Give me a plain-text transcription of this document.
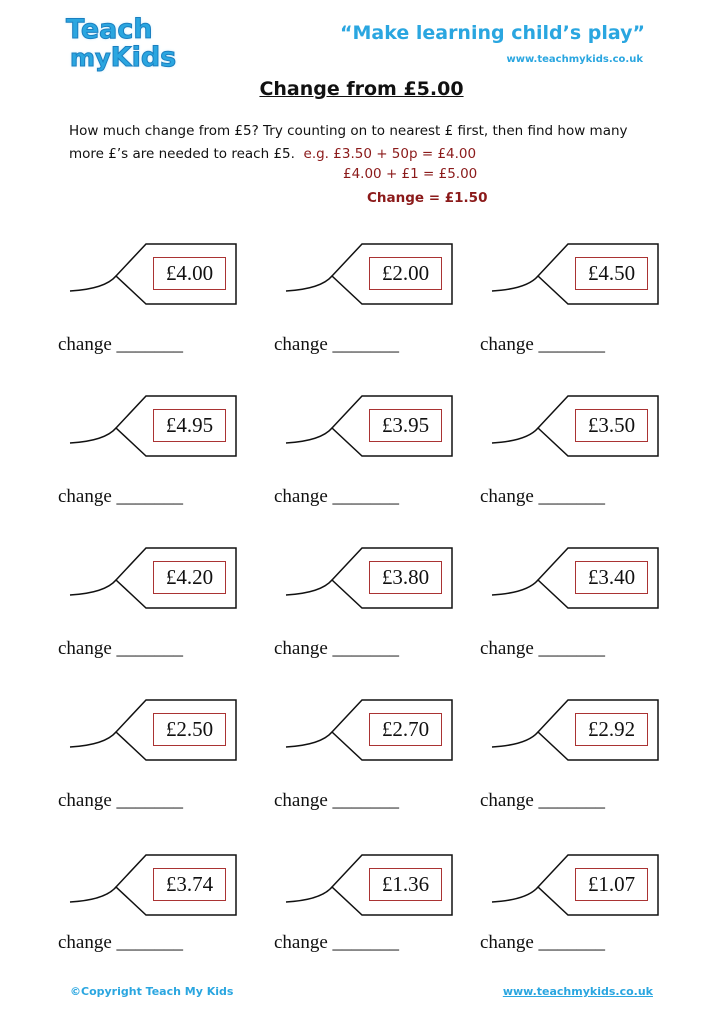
Teach
myKids
“Make learning child’s play”
www.teachmykids.co.uk
Change from £5.00
How much change from £5? Try counting on to nearest £ first, then find how many
more £’s are needed to reach £5. e.g. £3.50 + 50p = £4.00
£4.00 + £1 = £5.00
Change = £1.50
£4.00
change _______
£2.00
change _______
£4.50
change _______
£4.95
change _______
£3.95
change _______
£3.50
change _______
£4.20
change _______
£3.80
change _______
£3.40
change _______
£2.50
change _______
£2.70
change _______
£2.92
change _______
£3.74
change _______
£1.36
change _______
£1.07
change _______
©Copyright Teach My Kids	www.teachmykids.co.uk
